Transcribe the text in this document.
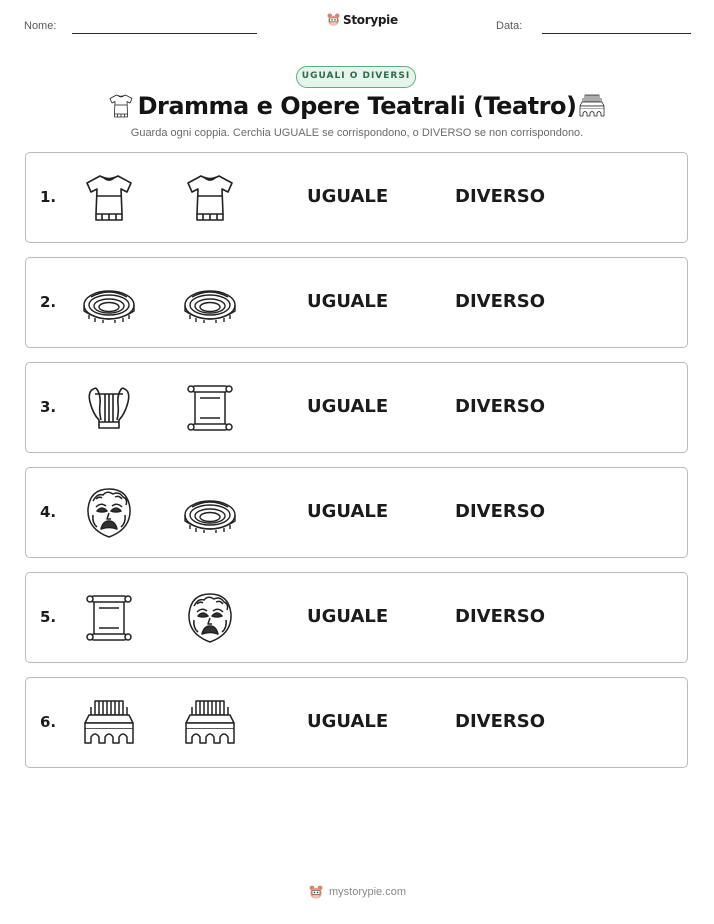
Nome:	Storypie	Data:
UGUALI O DIVERSI
Dramma e Opere Teatrali (Teatro)
Guarda ogni coppia. Cerchia UGUALE se corrispondono, o DIVERSO se non corrispondono.
1.	UGUALE	DIVERSO
2.	UGUALE	DIVERSO
3.	UGUALE	DIVERSO
4.	UGUALE	DIVERSO
5.	UGUALE	DIVERSO
6.	UGUALE	DIVERSO
mystorypie.com
